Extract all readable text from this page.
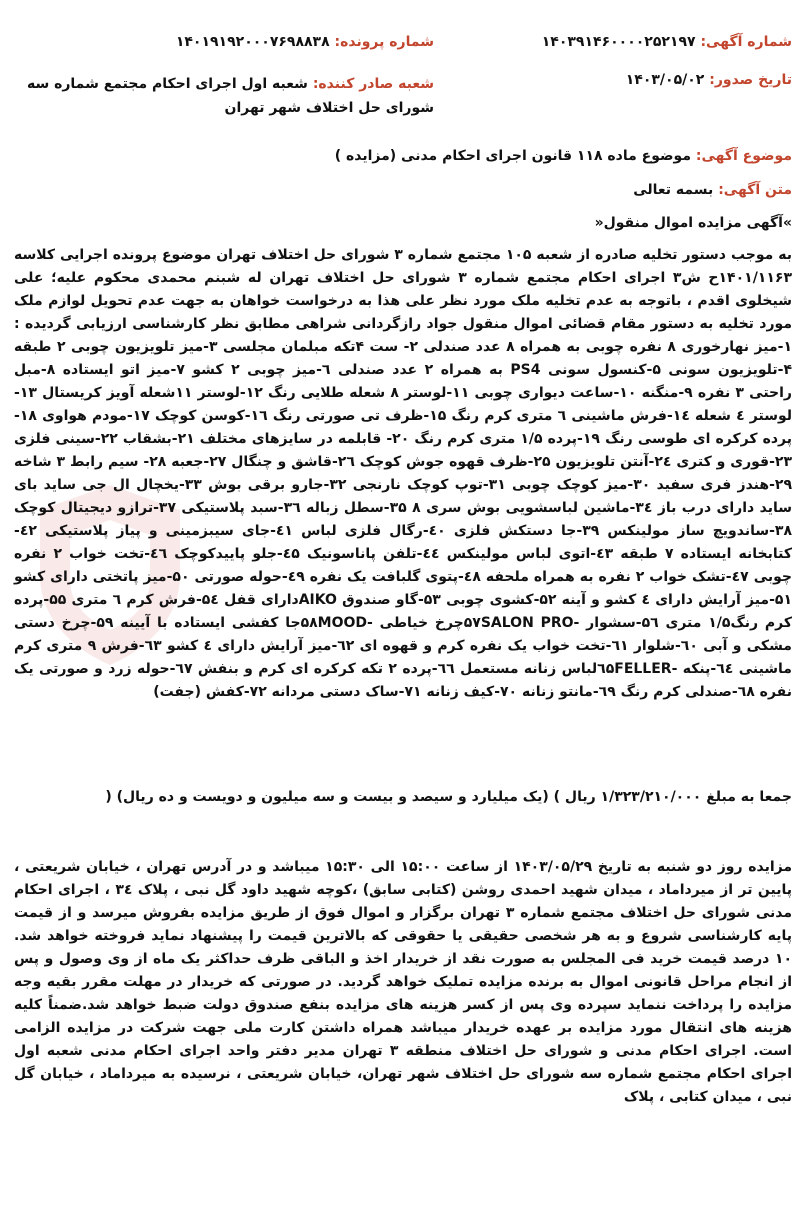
شماره آگهی: ۱۴۰۳۹۱۴۶۰۰۰۰۲۵۲۱۹۷
شماره پرونده: ۱۴۰۱۹۱۹۲۰۰۰۷۶۹۸۸۳۸
تاریخ صدور: ۱۴۰۳/۰۵/۰۲
شعبه صادر کننده: شعبه اول اجرای احکام مجتمع شماره سه شورای حل اختلاف شهر تهران
موضوع آگهی: موضوع ماده ۱۱۸ قانون اجرای احکام مدنی (مزایده )
متن آگهی: بسمه تعالی
»آگهی مزایده اموال منقول«
به موجب دستور تخلیه صادره از شعبه ۱۰۵ مجتمع شماره ۳ شورای حل اختلاف تهران موضوع پرونده اجرایی کلاسه ۱۴۰۱/۱۱۶۳ح ش۳ اجرای احکام مجتمع شماره ۳ شورای حل اختلاف تهران له شبنم محمدی محکوم علیه؛ علی شیخلوی اقدم ، باتوجه به عدم تخلیه ملک مورد نظر علی هذا به درخواست خواهان به جهت عدم تحویل لوازم ملک مورد تخلیه به دستور مقام قضائی اموال منقول جواد رازگردانی شراهی مطابق نظر کارشناسی ارزیابی گردیده : ۱-میز نهارخوری ۸ نفره چوبی به همراه ۸ عدد صندلی ۲- ست ۴تکه مبلمان مجلسی ۳-میز تلویزیون چوبی ۲ طبقه ۴-تلویزیون سونی ۵-کنسول سونی PS4 به همراه ۲ عدد صندلی ٦-میز چوبی ۲ کشو ۷-میز اتو ایستاده ۸-مبل راحتی ۳ نفره ۹-منگنه ۱۰-ساعت دیواری چوبی ۱۱-لوستر ۸ شعله طلایی رنگ ۱۲-لوستر ۱۱شعله آویز کریستال ۱۳-لوستر ٤ شعله ۱٤-فرش ماشینی ٦ متری کرم رنگ ۱۵-ظرف تی صورتی رنگ ۱٦-کوسن کوچک ۱۷-مودم هواوی ۱۸-پرده کرکره ای طوسی رنگ ۱۹-پرده ۱/۵ متری کرم رنگ ۲۰- قابلمه در سایزهای مختلف ۲۱-بشقاب ۲۲-سینی فلزی ۲۳-قوری و کتری ۲٤-آنتن تلویزیون ۲۵-ظرف قهوه جوش کوچک ۲٦-قاشق و چنگال ۲۷-جعبه ۲۸- سیم رابط ۳ شاخه ۲۹-هندز فری سفید ۳۰-میز کوچک چوبی ۳۱-توپ کوچک نارنجی ۳۲-جارو برقی بوش ۳۳-یخچال ال جی ساید بای ساید دارای درب باز ۳٤-ماشین لباسشویی بوش سری ۸ ۳۵-سطل زباله ۳٦-سبد پلاستیکی ۳۷-ترازو دیجیتال کوچک ۳۸-ساندویچ ساز مولینکس ۳۹-جا دستکش فلزی ٤۰-رگال فلزی لباس ٤۱-جای سیبزمینی و پیاز پلاستیکی ٤۲-کتابخانه ایستاده ۷ طبقه ٤۳-اتوی لباس مولینکس ٤٤-تلفن پاناسونیک ٤۵-جلو پاییدکوچک ٤٦-تخت خواب ۲ نفره چوبی ٤۷-تشک خواب ۲ نفره به همراه ملحفه ٤۸-پتوی گلبافت یک نفره ٤۹-حوله صورتی ۵۰-میز پاتختی دارای کشو ۵۱-میز آرایش دارای ٤ کشو و آینه ۵۲-کشوی چوبی ۵۳-گاو صندوق AIKOدارای قفل ۵٤-فرش کرم ٦ متری ۵۵-پرده کرم رنگ۱/۵ متری ۵٦-سشوار -۵۷SALON PROچرخ خیاطی -۵۸MOODجا کفشی ایستاده با آیینه ۵۹-چرخ دستی مشکی و آبی ٦۰-شلوار ٦۱-تخت خواب یک نفره کرم و قهوه ای ٦۲-میز آرایش دارای ٤ کشو ٦۳-فرش ۹ متری کرم ماشینی ٦٤-پنکه -٦۵FELLERلباس زنانه مستعمل ٦٦-پرده ۲ تکه کرکره ای کرم و بنفش ٦۷-حوله زرد و صورتی یک نفره ٦۸-صندلی کرم رنگ ٦۹-مانتو زنانه ۷۰-کیف زنانه ۷۱-ساک دستی مردانه ۷۲-کفش (جفت)
جمعا به مبلغ ۱/۳۲۳/۲۱۰/۰۰۰ ریال ) (یک میلیارد و سیصد و بیست و سه میلیون و دویست و ده ریال) (
مزایده روز دو شنبه به تاریخ ۱۴۰۳/۰۵/۲۹ از ساعت ۱۵:۰۰ الی ۱۵:۳۰ میباشد و در آدرس تهران ، خیابان شریعتی ، پایین تر از میرداماد ، میدان شهید احمدی روشن (کتابی سابق) ،کوچه شهید داود گل نبی ، پلاک ۳٤ ، اجرای احکام مدنی شورای حل اختلاف مجتمع شماره ۳ تهران برگزار و اموال فوق از طریق مزایده بفروش میرسد و از قیمت پایه کارشناسی شروع و به هر شخصی حقیقی یا حقوقی که بالاترین قیمت را پیشنهاد نماید فروخته خواهد شد. ۱۰ درصد قیمت خرید فی المجلس به صورت نقد از خریدار اخذ و الباقی ظرف حداکثر یک ماه از وی وصول و پس از انجام مراحل قانونی اموال به برنده مزایده تملیک خواهد گردید. در صورتی که خریدار در مهلت مقرر بقیه وجه مزایده را پرداخت ننماید سپرده وی پس از کسر هزینه های مزایده بنفع صندوق دولت ضبط خواهد شد.ضمناً کلیه هزینه های انتقال مورد مزایده بر عهده خریدار میباشد همراه داشتن کارت ملی جهت شرکت در مزایده الزامی است. اجرای احکام مدنی و شورای حل اختلاف منطقه ۳ تهران مدیر دفتر واحد اجرای احکام مدنی شعبه اول اجرای احکام مجتمع شماره سه شورای حل اختلاف شهر تهران، خیابان شریعتی ، نرسیده به میرداماد ، خیابان گل نبی ، میدان کتابی ، پلاک
